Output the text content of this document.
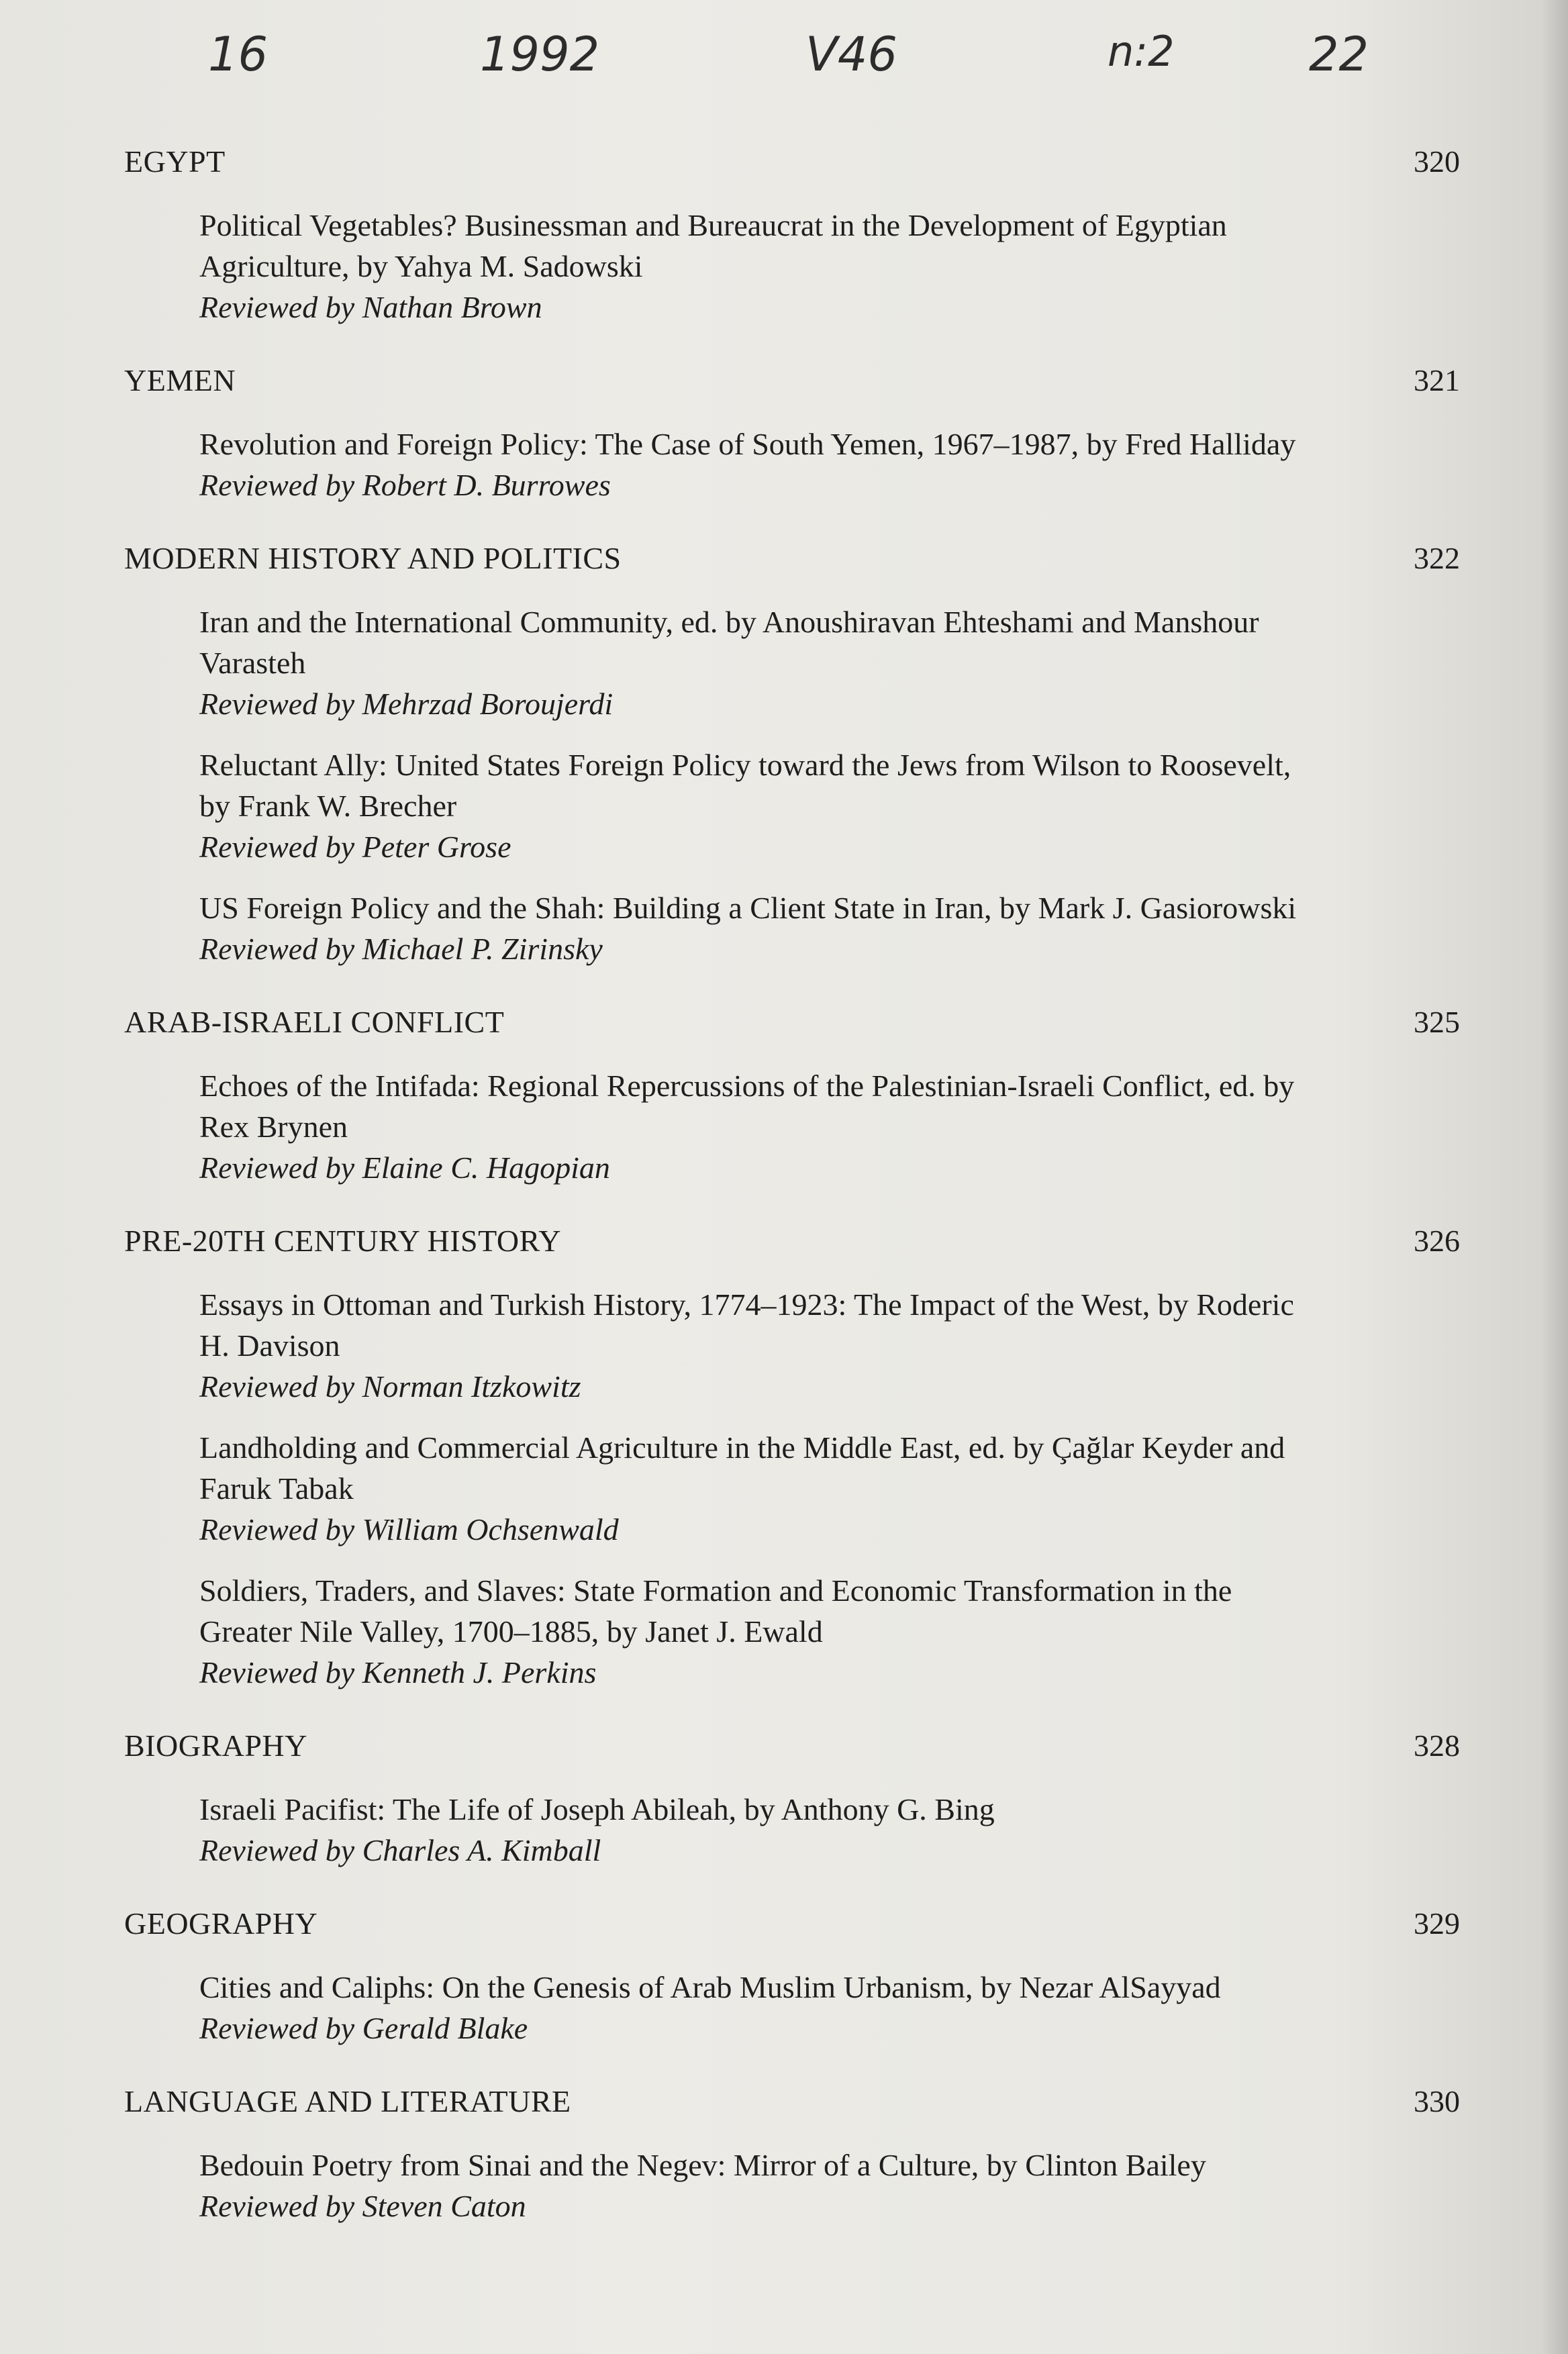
16	1992	V46	n:2	22
EGYPT	320
Political Vegetables? Businessman and Bureaucrat in the Development of Egyptian Agriculture, by Yahya M. Sadowski
Reviewed by Nathan Brown
YEMEN	321
Revolution and Foreign Policy: The Case of South Yemen, 1967–1987, by Fred Halliday
Reviewed by Robert D. Burrowes
MODERN HISTORY AND POLITICS	322
Iran and the International Community, ed. by Anoushiravan Ehteshami and Manshour Varasteh
Reviewed by Mehrzad Boroujerdi
Reluctant Ally: United States Foreign Policy toward the Jews from Wilson to Roosevelt, by Frank W. Brecher
Reviewed by Peter Grose
US Foreign Policy and the Shah: Building a Client State in Iran, by Mark J. Gasiorowski
Reviewed by Michael P. Zirinsky
ARAB-ISRAELI CONFLICT	325
Echoes of the Intifada: Regional Repercussions of the Palestinian-Israeli Conflict, ed. by Rex Brynen
Reviewed by Elaine C. Hagopian
PRE-20TH CENTURY HISTORY	326
Essays in Ottoman and Turkish History, 1774–1923: The Impact of the West, by Roderic H. Davison
Reviewed by Norman Itzkowitz
Landholding and Commercial Agriculture in the Middle East, ed. by Çağlar Keyder and Faruk Tabak
Reviewed by William Ochsenwald
Soldiers, Traders, and Slaves: State Formation and Economic Transformation in the Greater Nile Valley, 1700–1885, by Janet J. Ewald
Reviewed by Kenneth J. Perkins
BIOGRAPHY	328
Israeli Pacifist: The Life of Joseph Abileah, by Anthony G. Bing
Reviewed by Charles A. Kimball
GEOGRAPHY	329
Cities and Caliphs: On the Genesis of Arab Muslim Urbanism, by Nezar AlSayyad
Reviewed by Gerald Blake
LANGUAGE AND LITERATURE	330
Bedouin Poetry from Sinai and the Negev: Mirror of a Culture, by Clinton Bailey
Reviewed by Steven Caton
